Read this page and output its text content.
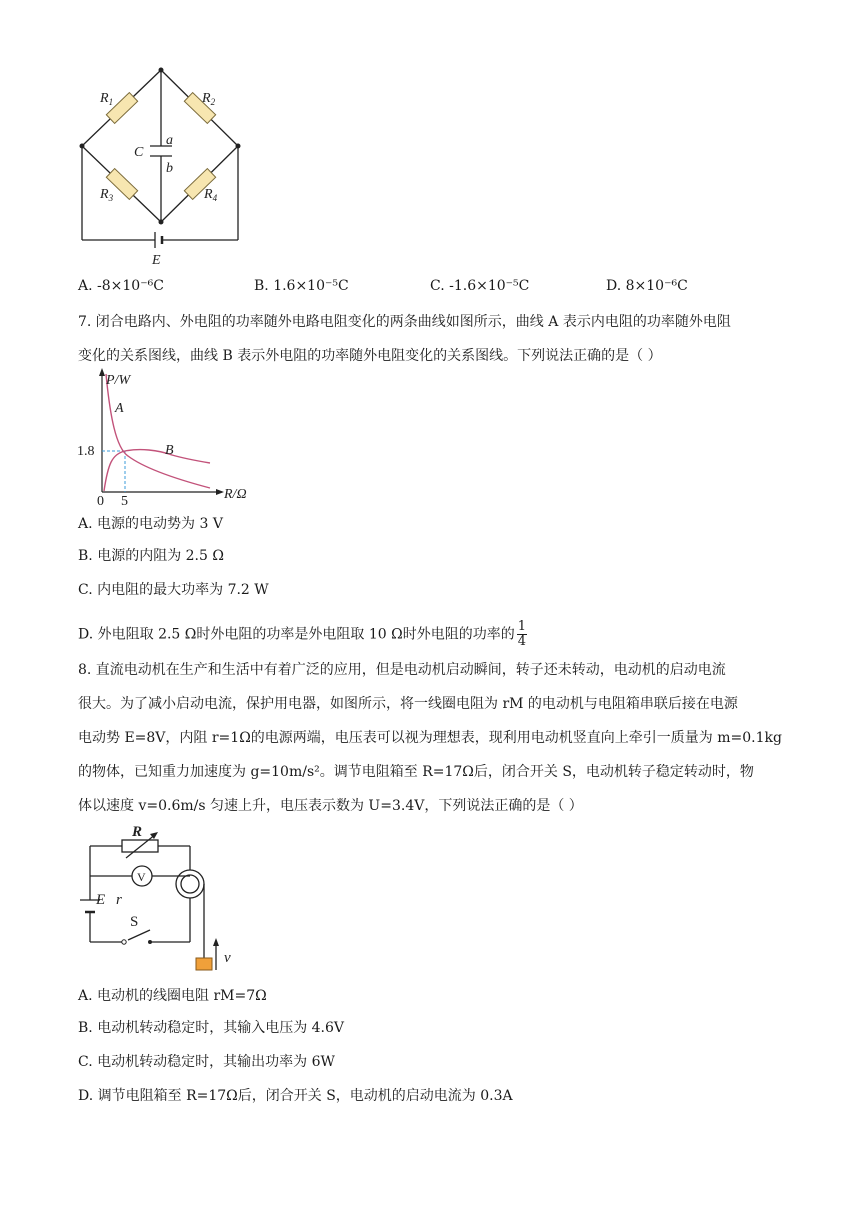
$R_1$	$R_2$
$R_3$	$R_4$
C
a
b
E
A. -8×10⁻⁶C	B. 1.6×10⁻⁵C	C. -1.6×10⁻⁵C	D. 8×10⁻⁶C
7. 闭合电路内、外电阻的功率随外电路电阻变化的两条曲线如图所示，曲线 A 表示内电阻的功率随外电阻
变化的关系图线，曲线 B 表示外电阻的功率随外电阻变化的关系图线。下列说法正确的是（ ）
P/W
R/Ω
A
B
1.8
0 5
A. 电源的电动势为 3 V
B. 电源的内阻为 2.5 Ω
C. 内电阻的最大功率为 7.2 W
D. 外电阻取 2.5 Ω时外电阻的功率是外电阻取 10 Ω时外电阻的功率的 $\frac{1}{4}$
8. 直流电动机在生产和生活中有着广泛的应用，但是电动机启动瞬间，转子还未转动，电动机的启动电流
很大。为了减小启动电流，保护用电器，如图所示，将一线圈电阻为 rM 的电动机与电阻箱串联后接在电源
电动势 E=8V，内阻 r=1Ω的电源两端，电压表可以视为理想表，现利用电动机竖直向上牵引一质量为 m=0.1kg
的物体，已知重力加速度为 g=10m/s²。调节电阻箱至 R=17Ω后，闭合开关 S，电动机转子稳定转动时，物
体以速度 v=0.6m/s 匀速上升，电压表示数为 U=3.4V，下列说法正确的是（ ）
R
V
E r
S
v
A. 电动机的线圈电阻 rM=7Ω
B. 电动机转动稳定时，其输入电压为 4.6V
C. 电动机转动稳定时，其输出功率为 6W
D. 调节电阻箱至 R=17Ω后，闭合开关 S，电动机的启动电流为 0.3A
